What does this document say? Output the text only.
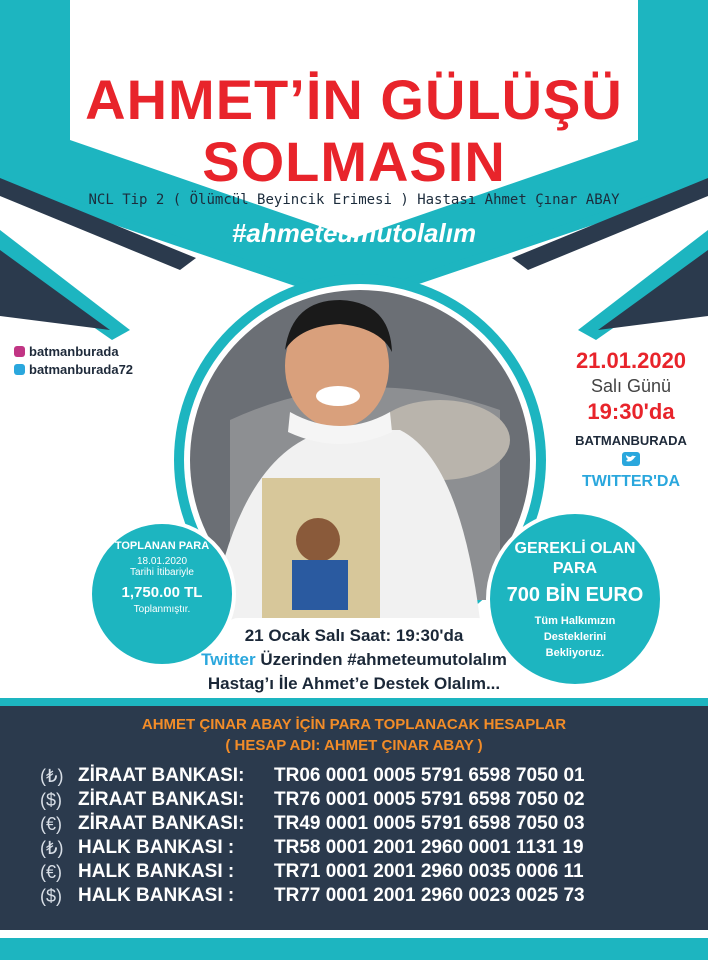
haydi! başarabiliriz...
AHMET’İN GÜLÜŞÜ
SOLMASIN
NCL Tip 2 ( Ölümcül Beyincik Erimesi ) Hastası Ahmet Çınar ABAY
#ahmeteumutolalım
batmanburada
batmanburada72	21.01.2020
Salı Günü
19:30'da
BATMANBURADA
TWITTER'DA
TOPLANAN PARA
18.01.2020
Tarihi İtibariyle
1,750.00 TL
Toplanmıştır.
GEREKLİ OLAN
PARA
700 BİN EURO
Tüm Halkımızın
Desteklerini
Bekliyoruz.
21 Ocak Salı Saat: 19:30'da
Twitter Üzerinden #ahmeteumutolalım
Hastag’ı İle Ahmet’e Destek Olalım...
AHMET ÇINAR ABAY İÇİN PARA TOPLANACAK HESAPLAR
( HESAP ADI: AHMET ÇINAR ABAY )
(₺) ZİRAAT BANKASI:	TR06 0001 0005 5791 6598 7050 01
($) ZİRAAT BANKASI:	TR76 0001 0005 5791 6598 7050 02
(€) ZİRAAT BANKASI:	TR49 0001 0005 5791 6598 7050 03
(₺) HALK BANKASI :	TR58 0001 2001 2960 0001 1131 19
(€) HALK BANKASI :	TR71 0001 2001 2960 0035 0006 11
($) HALK BANKASI :	TR77 0001 2001 2960 0023 0025 73
